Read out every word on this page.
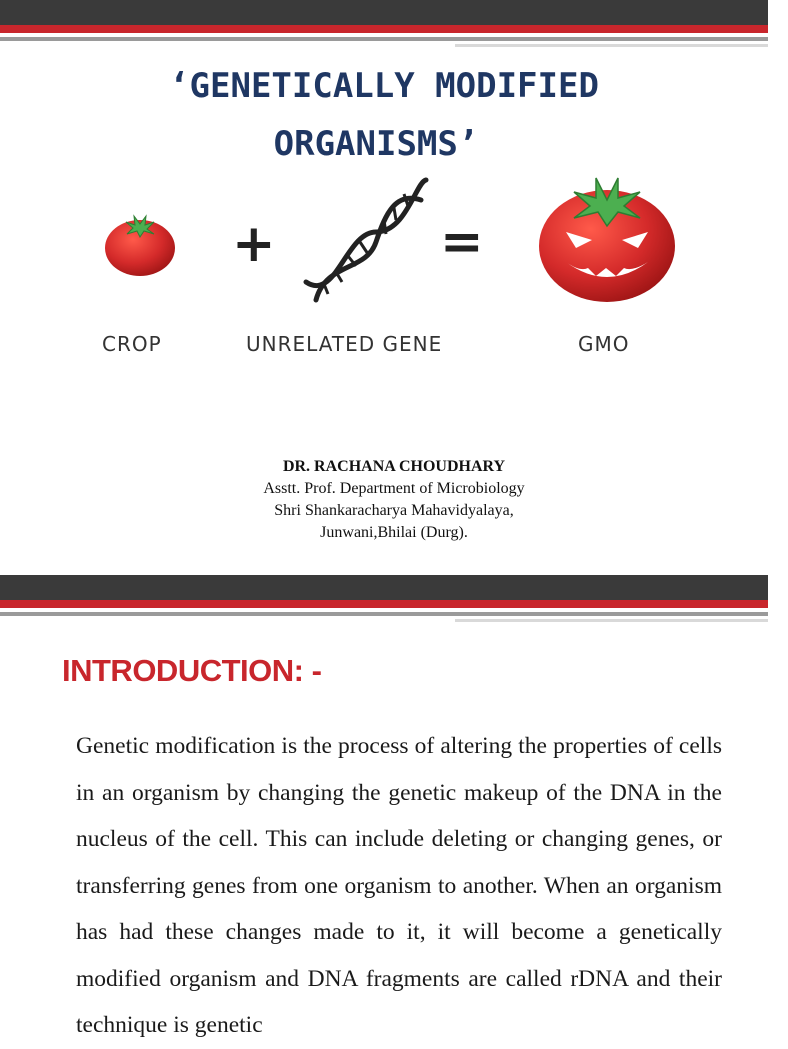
‘GENETICALLY MODIFIED
ORGANISMS’
+	=
CROP	UNRELATED GENE	GMO
DR. RACHANA CHOUDHARY
Asstt. Prof. Department of Microbiology
Shri Shankaracharya Mahavidyalaya,
Junwani,Bhilai (Durg).
INTRODUCTION: -
Genetic modification is the process of altering the properties of cells in an organism by changing the genetic makeup of the DNA in the nucleus of the cell. This can include deleting or changing genes, or transferring genes from one organism to another. When an organism has had these changes made to it, it will become a genetically modified organism and DNA fragments are called rDNA and their technique is genetic
